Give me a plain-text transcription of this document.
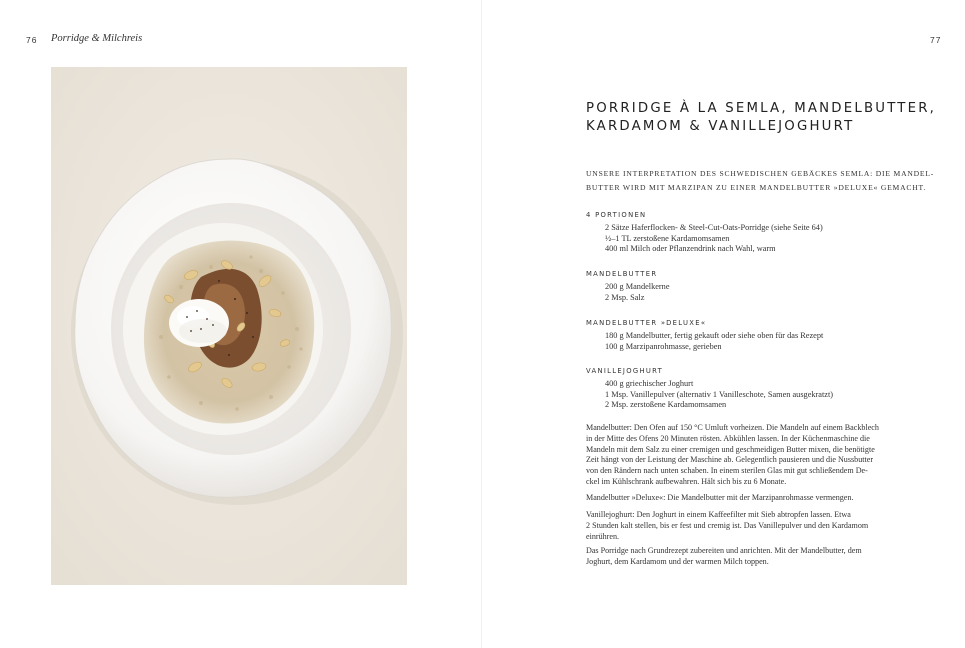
76 Porridge & Milchreis	77
PORRIDGE À LA SEMLA, MANDELBUTTER,
KARDAMOM & VANILLEJOGHURT
UNSERE INTERPRETATION DES SCHWEDISCHEN GEBÄCKES SEMLA: DIE MANDEL-
BUTTER WIRD MIT MARZIPAN ZU EINER MANDELBUTTER »DELUXE« GEMACHT.
4 PORTIONEN
2 Sätze Haferflocken- & Steel-Cut-Oats-Porridge (siehe Seite 64)
½–1 TL zerstoßene Kardamomsamen
400 ml Milch oder Pflanzendrink nach Wahl, warm
MANDELBUTTER
200 g Mandelkerne
2 Msp. Salz
MANDELBUTTER »DELUXE«
180 g Mandelbutter, fertig gekauft oder siehe oben für das Rezept
100 g Marzipanrohmasse, gerieben
VANILLEJOGHURT
400 g griechischer Joghurt
1 Msp. Vanillepulver (alternativ 1 Vanilleschote, Samen ausgekratzt)
2 Msp. zerstoßene Kardamomsamen
Mandelbutter: Den Ofen auf 150 °C Umluft vorheizen. Die Mandeln auf einem Backblech
in der Mitte des Ofens 20 Minuten rösten. Abkühlen lassen. In der Küchenmaschine die
Mandeln mit dem Salz zu einer cremigen und geschmeidigen Butter mixen, die benötigte
Zeit hängt von der Leistung der Maschine ab. Gelegentlich pausieren und die Nussbutter
von den Rändern nach unten schaben. In einem sterilen Glas mit gut schließendem De-
ckel im Kühlschrank aufbewahren. Hält sich bis zu 6 Monate.
Mandelbutter »Deluxe«: Die Mandelbutter mit der Marzipanrohmasse vermengen.
Vanillejoghurt: Den Joghurt in einem Kaffeefilter mit Sieb abtropfen lassen. Etwa
2 Stunden kalt stellen, bis er fest und cremig ist. Das Vanillepulver und den Kardamom
einrühren.
Das Porridge nach Grundrezept zubereiten und anrichten. Mit der Mandelbutter, dem
Joghurt, dem Kardamom und der warmen Milch toppen.
